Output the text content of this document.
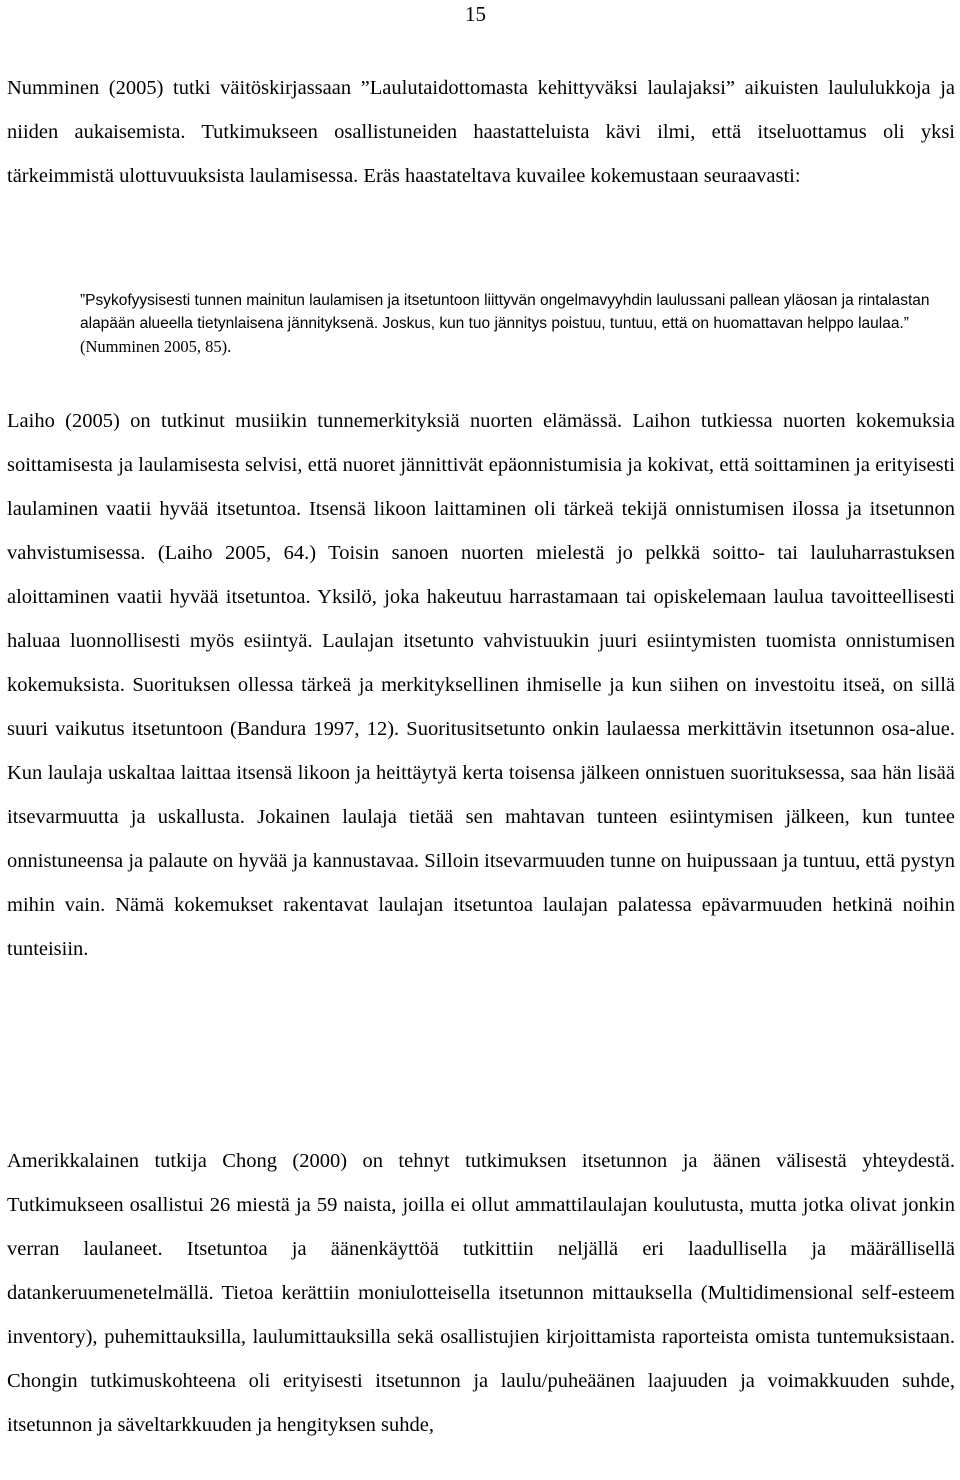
15

Numminen (2005) tutki väitöskirjassaan ”Laulutaidottomasta kehittyväksi laulajaksi” aikuisten laululukkoja ja niiden aukaisemista. Tutkimukseen osallistuneiden haastatteluista kävi ilmi, että itseluottamus oli yksi tärkeimmistä ulottuvuuksista laulamisessa. Eräs haastateltava kuvailee kokemustaan seuraavasti:

”Psykofyysisesti tunnen mainitun laulamisen ja itsetuntoon liittyvän ongelmavyyhdin laulussani pallean yläosan ja rintalastan alapään alueella tietynlaisena jännityksenä. Joskus, kun tuo jännitys poistuu, tuntuu, että on huomattavan helppo laulaa.” (Numminen 2005, 85).

Laiho (2005) on tutkinut musiikin tunnemerkityksiä nuorten elämässä. Laihon tutkiessa nuorten kokemuksia soittamisesta ja laulamisesta selvisi, että nuoret jännittivät epäonnistumisia ja kokivat, että soittaminen ja erityisesti laulaminen vaatii hyvää itsetuntoa. Itsensä likoon laittaminen oli tärkeä tekijä onnistumisen ilossa ja itsetunnon vahvistumisessa. (Laiho 2005, 64.) Toisin sanoen nuorten mielestä jo pelkkä soitto- tai lauluharrastuksen aloittaminen vaatii hyvää itsetuntoa. Yksilö, joka hakeutuu harrastamaan tai opiskelemaan laulua tavoitteellisesti haluaa luonnollisesti myös esiintyä. Laulajan itsetunto vahvistuukin juuri esiintymisten tuomista onnistumisen kokemuksista. Suorituksen ollessa tärkeä ja merkityksellinen ihmiselle ja kun siihen on investoitu itseä, on sillä suuri vaikutus itsetuntoon (Bandura 1997, 12). Suoritusitsetunto onkin laulaessa merkittävin itsetunnon osa-alue. Kun laulaja uskaltaa laittaa itsensä likoon ja heittäytyä kerta toisensa jälkeen onnistuen suorituksessa, saa hän lisää itsevarmuutta ja uskallusta. Jokainen laulaja tietää sen mahtavan tunteen esiintymisen jälkeen, kun tuntee onnistuneensa ja palaute on hyvää ja kannustavaa. Silloin itsevarmuuden tunne on huipussaan ja tuntuu, että pystyn mihin vain. Nämä kokemukset rakentavat laulajan itsetuntoa laulajan palatessa epävarmuuden hetkinä noihin tunteisiin.

Amerikkalainen tutkija Chong (2000) on tehnyt tutkimuksen itsetunnon ja äänen välisestä yhteydestä. Tutkimukseen osallistui 26 miestä ja 59 naista, joilla ei ollut ammattilaulajan koulutusta, mutta jotka olivat jonkin verran laulaneet. Itsetuntoa ja äänenkäyttöä tutkittiin neljällä eri laadullisella ja määrällisellä datankeruumenetelmällä. Tietoa kerättiin moniulotteisella itsetunnon mittauksella (Multidimensional self-esteem inventory), puhemittauksilla, laulumittauksilla sekä osallistujien kirjoittamista raporteista omista tuntemuksistaan. Chongin tutkimuskohteena oli erityisesti itsetunnon ja laulu/puheäänen laajuuden ja voimakkuuden suhde, itsetunnon ja säveltarkkuuden ja hengityksen suhde,
